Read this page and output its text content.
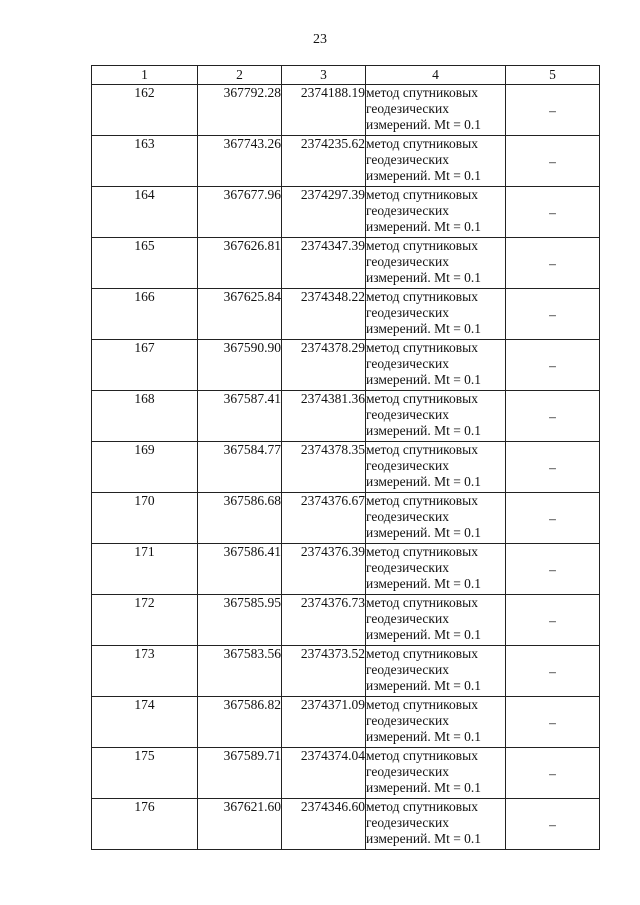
23
1	2	3	4	5
162	367792.28	2374188.19	метод спутниковых
геодезических
измерений. Mt = 0.1	–
163	367743.26	2374235.62	метод спутниковых
геодезических
измерений. Mt = 0.1	–
164	367677.96	2374297.39	метод спутниковых
геодезических
измерений. Mt = 0.1	–
165	367626.81	2374347.39	метод спутниковых
геодезических
измерений. Mt = 0.1	–
166	367625.84	2374348.22	метод спутниковых
геодезических
измерений. Mt = 0.1	–
167	367590.90	2374378.29	метод спутниковых
геодезических
измерений. Mt = 0.1	–
168	367587.41	2374381.36	метод спутниковых
геодезических
измерений. Mt = 0.1	–
169	367584.77	2374378.35	метод спутниковых
геодезических
измерений. Mt = 0.1	–
170	367586.68	2374376.67	метод спутниковых
геодезических
измерений. Mt = 0.1	–
171	367586.41	2374376.39	метод спутниковых
геодезических
измерений. Mt = 0.1	–
172	367585.95	2374376.73	метод спутниковых
геодезических
измерений. Mt = 0.1	–
173	367583.56	2374373.52	метод спутниковых
геодезических
измерений. Mt = 0.1	–
174	367586.82	2374371.09	метод спутниковых
геодезических
измерений. Mt = 0.1	–
175	367589.71	2374374.04	метод спутниковых
геодезических
измерений. Mt = 0.1	–
176	367621.60	2374346.60	метод спутниковых
геодезических
измерений. Mt = 0.1	–
